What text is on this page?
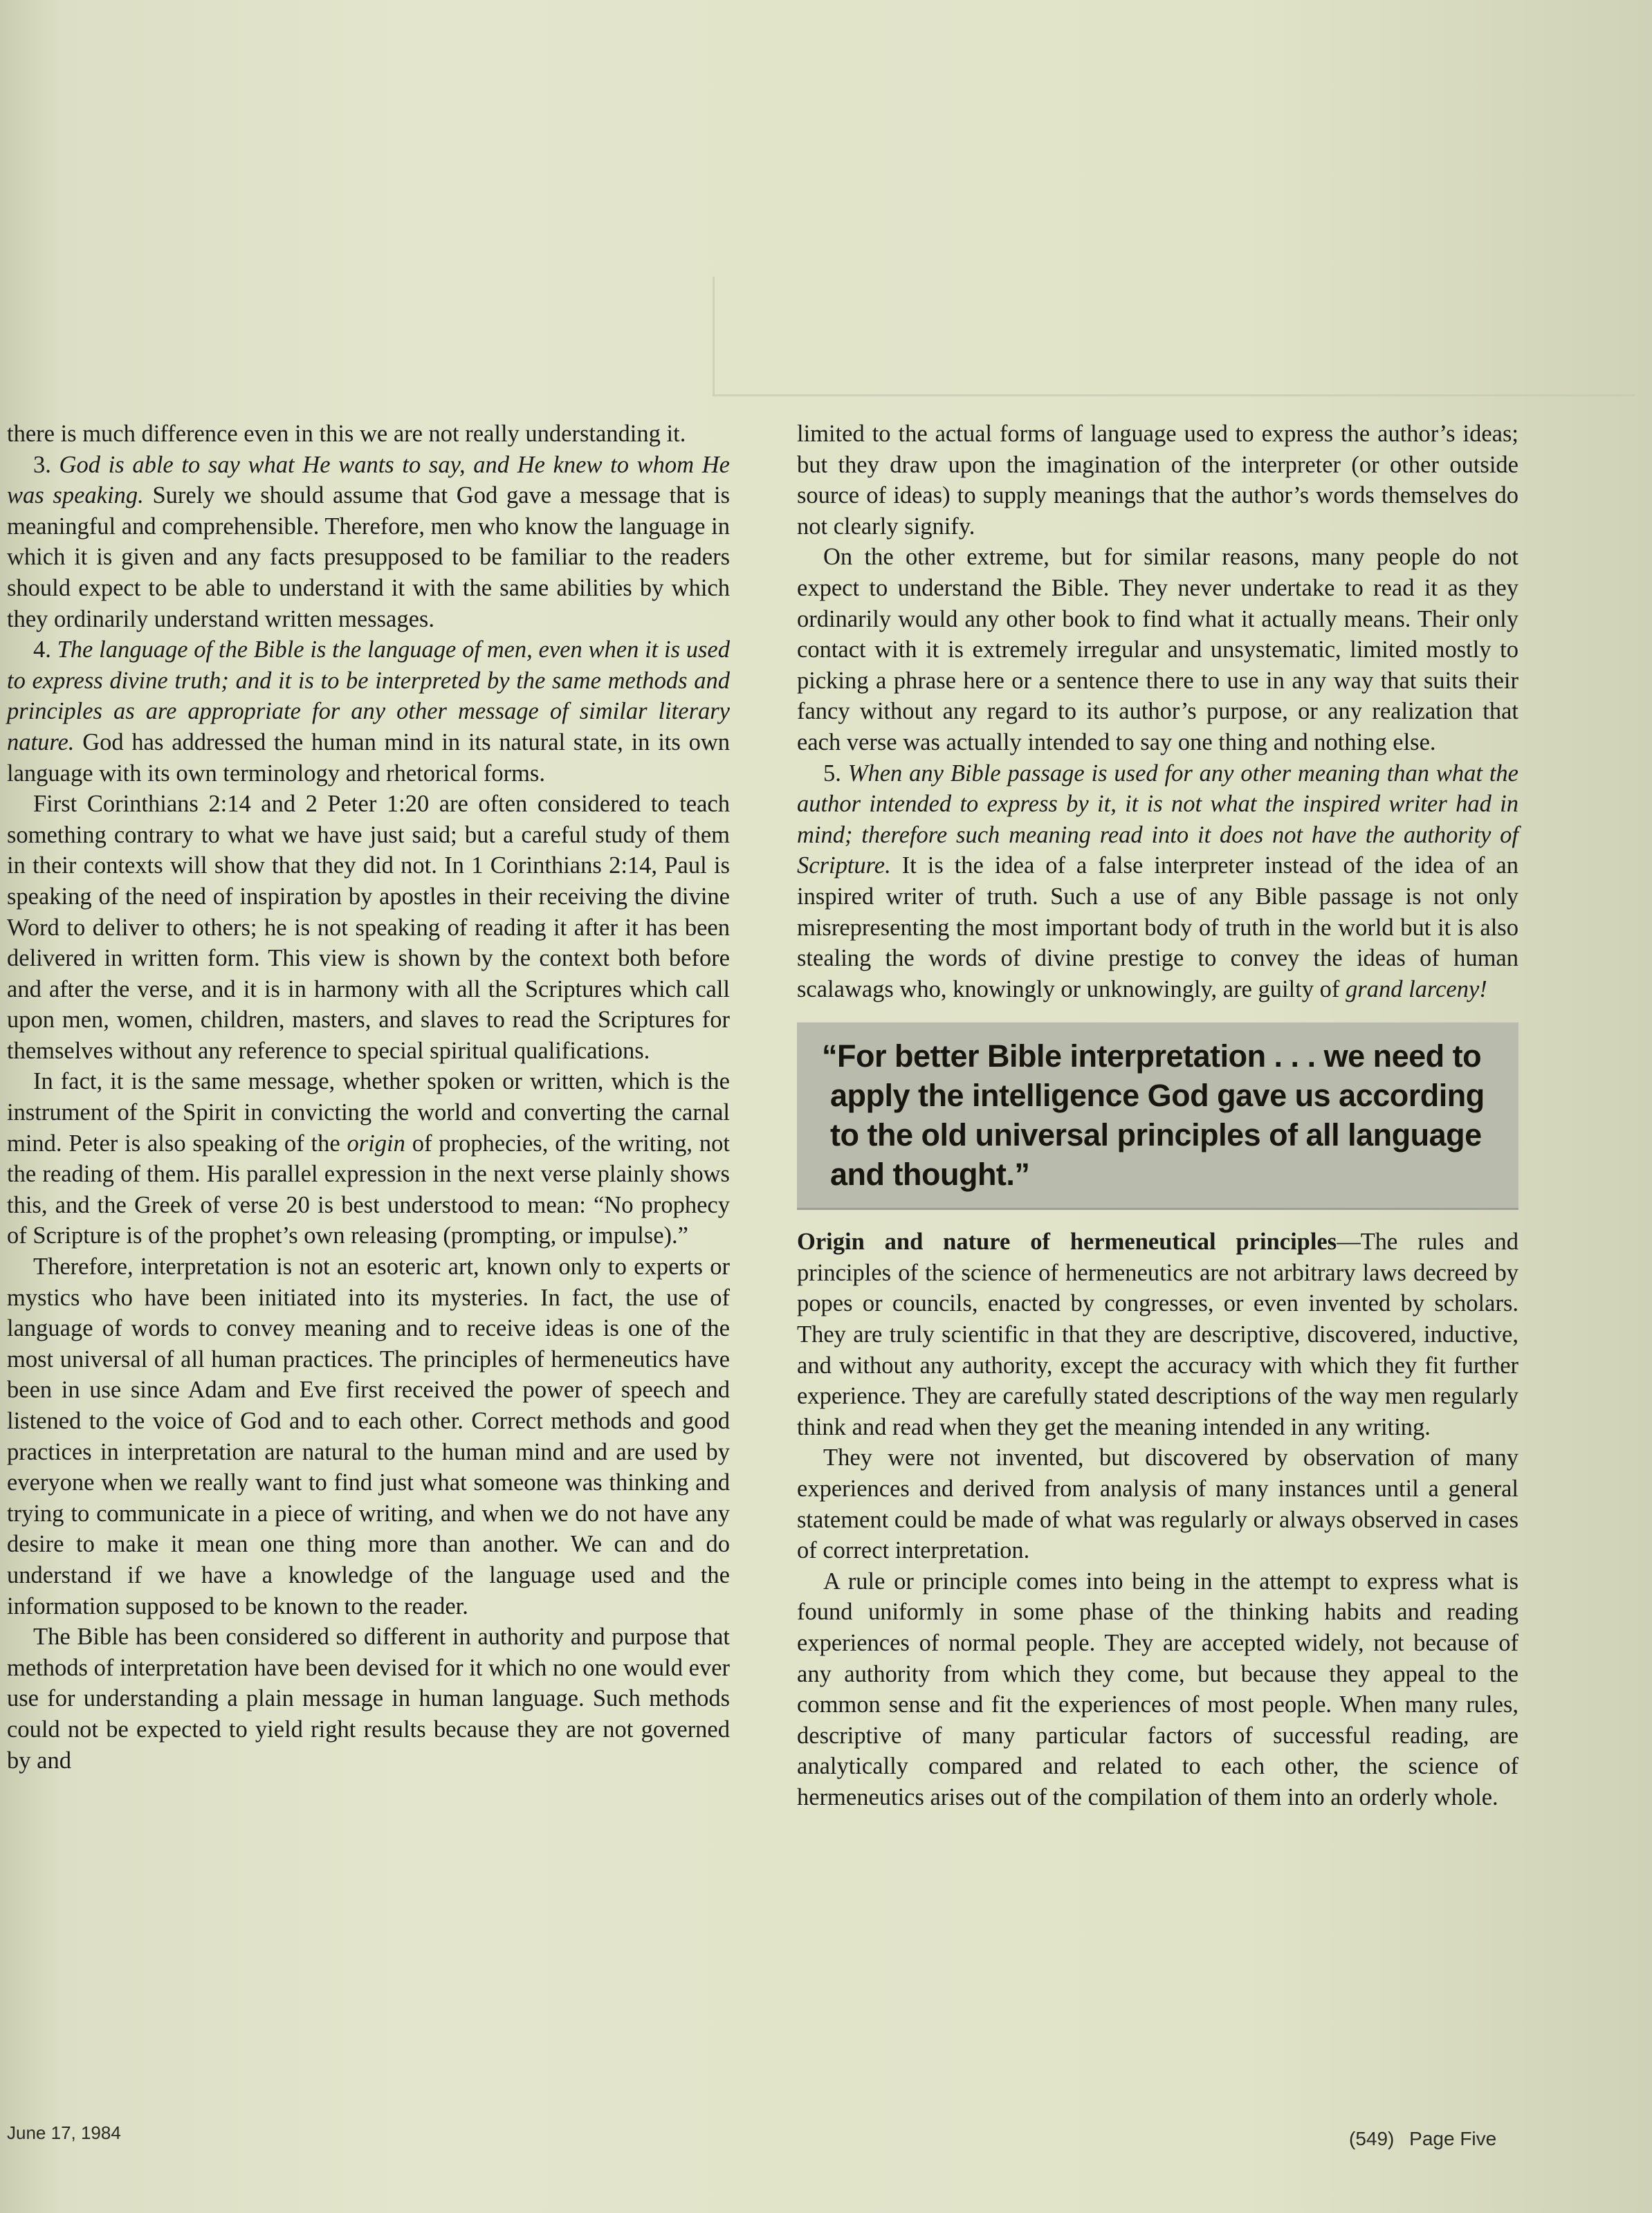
there is much difference even in this we are not really understanding it.

3. God is able to say what He wants to say, and He knew to whom He was speaking. Surely we should assume that God gave a message that is meaningful and comprehensible. Therefore, men who know the language in which it is given and any facts presupposed to be familiar to the readers should expect to be able to understand it with the same abilities by which they ordinarily understand written messages.

4. The language of the Bible is the language of men, even when it is used to express divine truth; and it is to be interpreted by the same methods and principles as are appropriate for any other message of similar literary nature. God has addressed the human mind in its natural state, in its own language with its own terminology and rhetorical forms.

First Corinthians 2:14 and 2 Peter 1:20 are often considered to teach something contrary to what we have just said; but a careful study of them in their contexts will show that they did not. In 1 Corinthians 2:14, Paul is speaking of the need of inspiration by apostles in their receiving the divine Word to deliver to others; he is not speaking of reading it after it has been delivered in written form. This view is shown by the context both before and after the verse, and it is in harmony with all the Scriptures which call upon men, women, children, masters, and slaves to read the Scriptures for themselves without any reference to special spiritual qualifications.

In fact, it is the same message, whether spoken or written, which is the instrument of the Spirit in convicting the world and converting the carnal mind. Peter is also speaking of the origin of prophecies, of the writing, not the reading of them. His parallel expression in the next verse plainly shows this, and the Greek of verse 20 is best understood to mean: “No prophecy of Scripture is of the prophet’s own releasing (prompting, or impulse).”

Therefore, interpretation is not an esoteric art, known only to experts or mystics who have been initiated into its mysteries. In fact, the use of language of words to convey meaning and to receive ideas is one of the most universal of all human practices. The principles of hermeneutics have been in use since Adam and Eve first received the power of speech and listened to the voice of God and to each other. Correct methods and good practices in interpretation are natural to the human mind and are used by everyone when we really want to find just what someone was thinking and trying to communicate in a piece of writing, and when we do not have any desire to make it mean one thing more than another. We can and do understand if we have a knowledge of the language used and the information supposed to be known to the reader.

The Bible has been considered so different in authority and purpose that methods of interpretation have been devised for it which no one would ever use for understanding a plain message in human language. Such methods could not be expected to yield right results because they are not governed by and

limited to the actual forms of language used to express the author’s ideas; but they draw upon the imagination of the interpreter (or other outside source of ideas) to supply meanings that the author’s words themselves do not clearly signify.

On the other extreme, but for similar reasons, many people do not expect to understand the Bible. They never undertake to read it as they ordinarily would any other book to find what it actually means. Their only contact with it is extremely irregular and unsystematic, limited mostly to picking a phrase here or a sentence there to use in any way that suits their fancy without any regard to its author’s purpose, or any realization that each verse was actually intended to say one thing and nothing else.

5. When any Bible passage is used for any other meaning than what the author intended to express by it, it is not what the inspired writer had in mind; therefore such meaning read into it does not have the authority of Scripture. It is the idea of a false interpreter instead of the idea of an inspired writer of truth. Such a use of any Bible passage is not only misrepresenting the most important body of truth in the world but it is also stealing the words of divine prestige to convey the ideas of human scalawags who, knowingly or unknowingly, are guilty of grand larceny!

“For better Bible interpretation . . . we need to apply the intelligence God gave us according to the old universal principles of all language and thought.”

Origin and nature of hermeneutical principles—The rules and principles of the science of hermeneutics are not arbitrary laws decreed by popes or councils, enacted by congresses, or even invented by scholars. They are truly scientific in that they are descriptive, discovered, inductive, and without any authority, except the accuracy with which they fit further experience. They are carefully stated descriptions of the way men regularly think and read when they get the meaning intended in any writing.

They were not invented, but discovered by observation of many experiences and derived from analysis of many instances until a general statement could be made of what was regularly or always observed in cases of correct interpretation.

A rule or principle comes into being in the attempt to express what is found uniformly in some phase of the thinking habits and reading experiences of normal people. They are accepted widely, not because of any authority from which they come, but because they appeal to the common sense and fit the experiences of most people. When many rules, descriptive of many particular factors of successful reading, are analytically compared and related to each other, the science of hermeneutics arises out of the compilation of them into an orderly whole.

June 17, 1984	(549) Page Five
